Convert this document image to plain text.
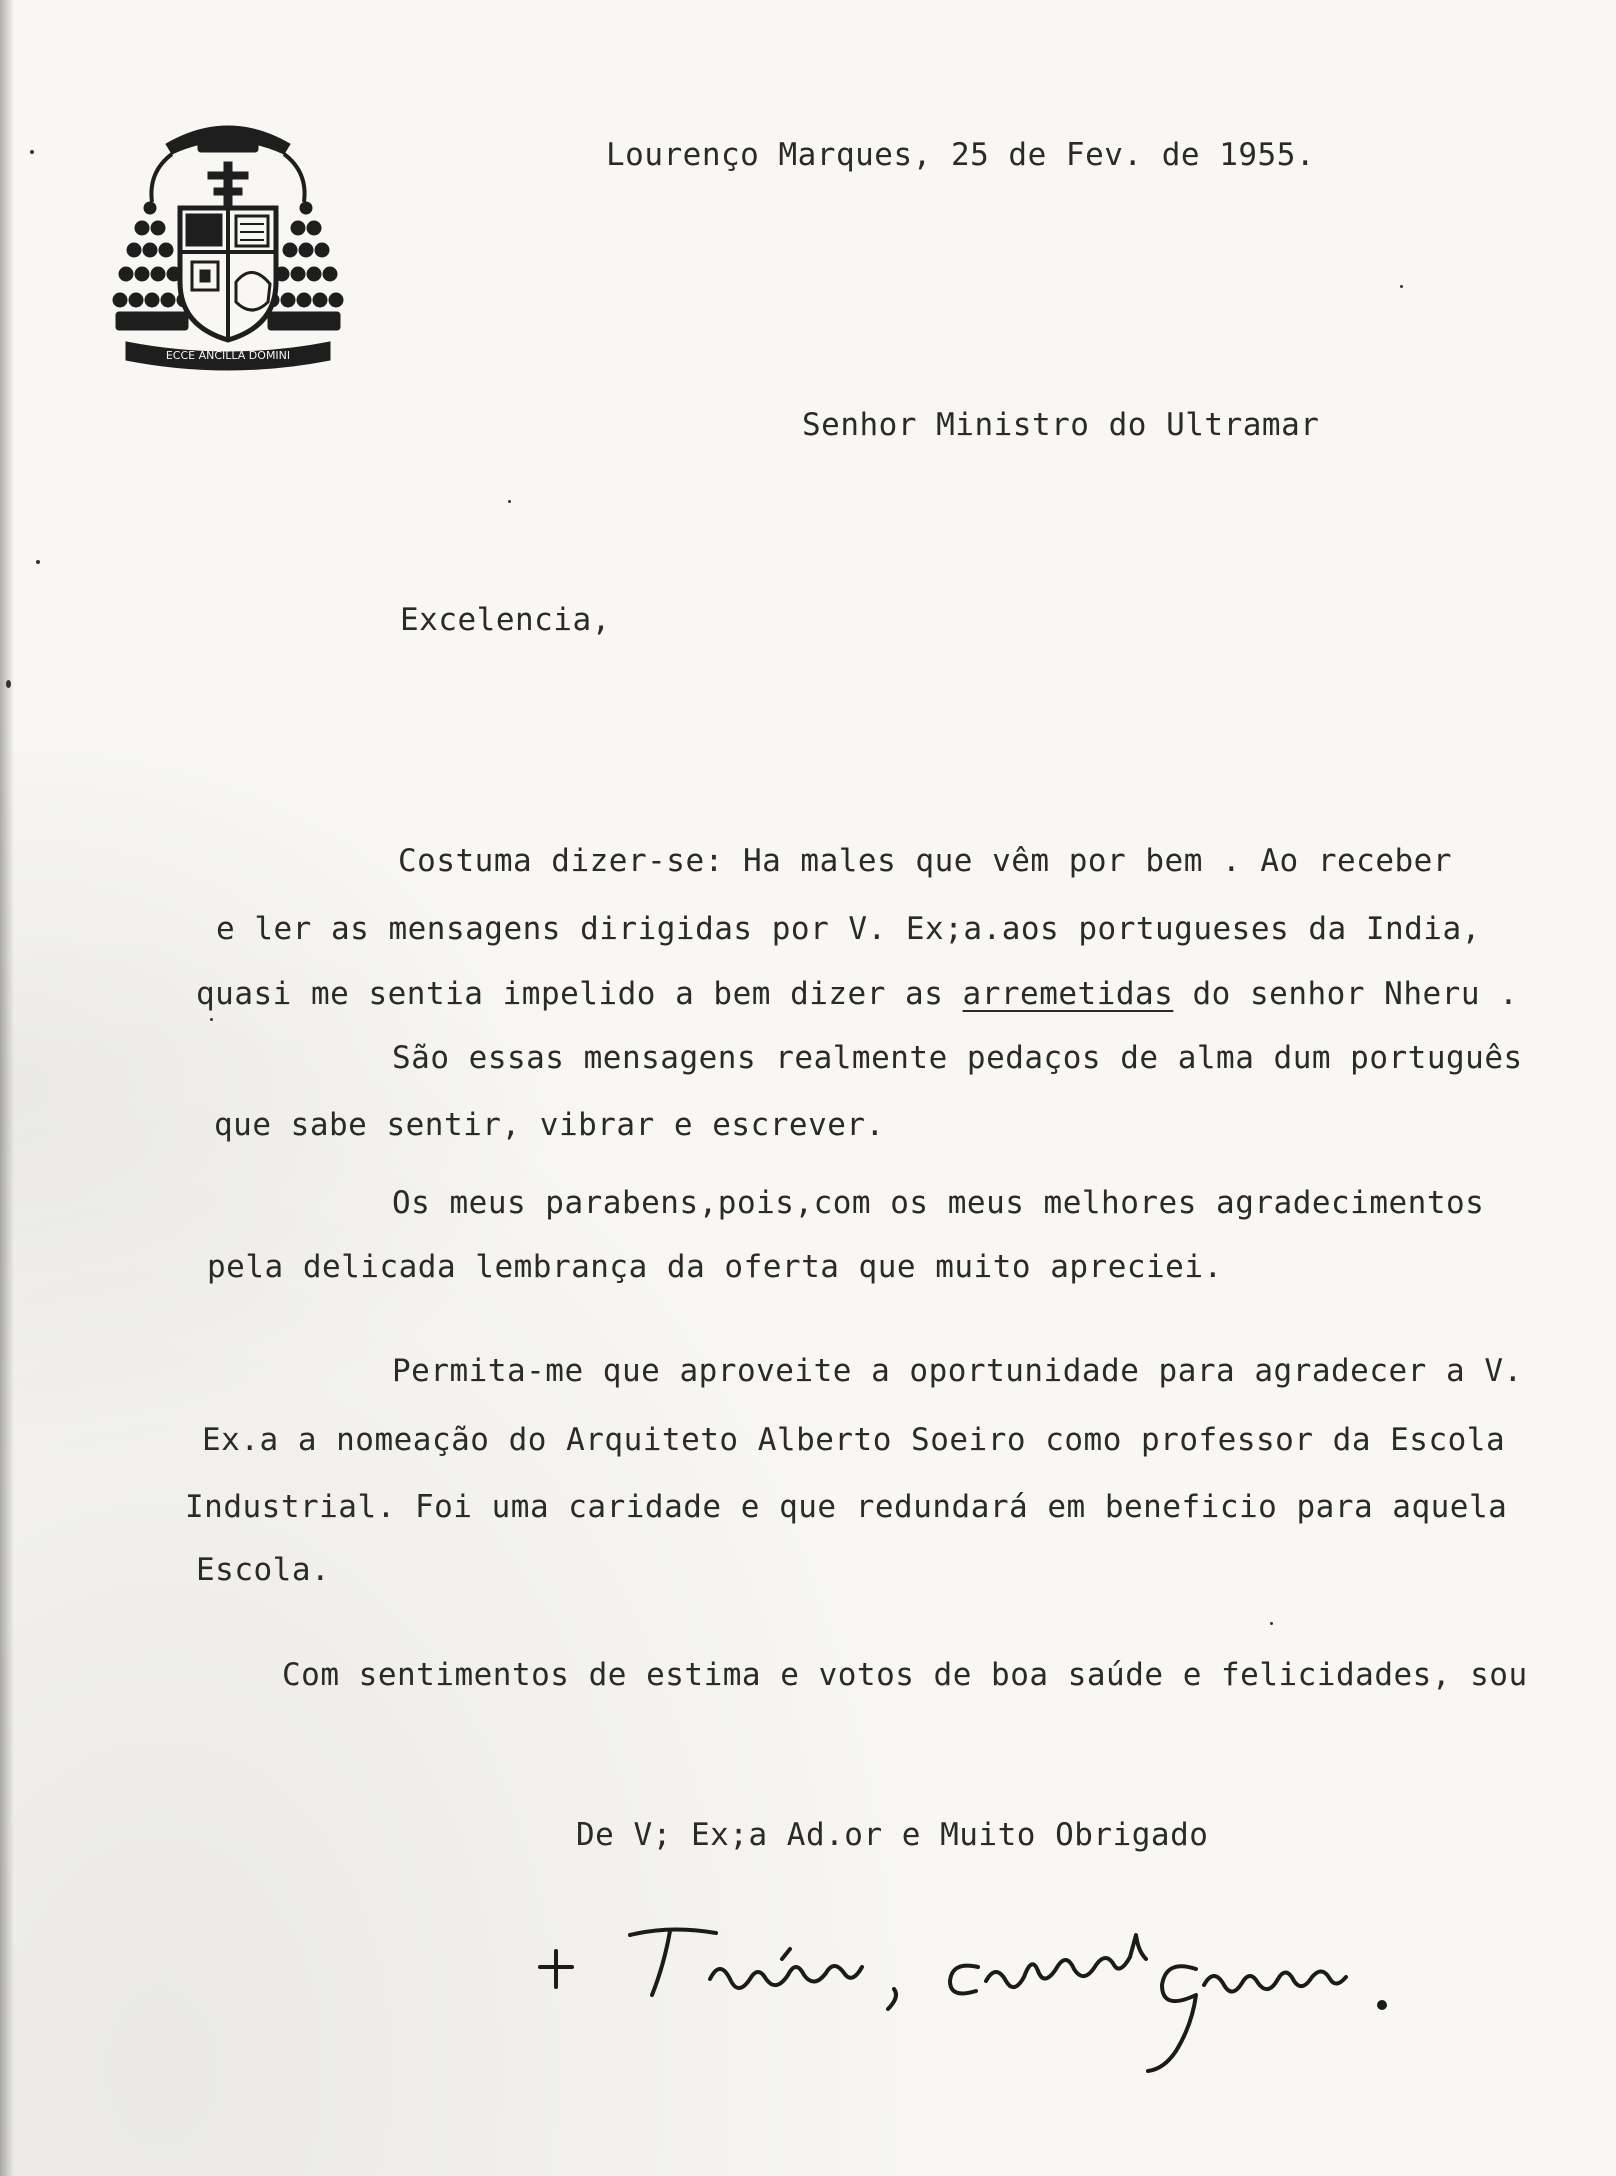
ECCE ANCILLA DOMINI
Lourenço Marques, 25 de Fev. de 1955.
Senhor Ministro do Ultramar
Excelencia,
Costuma dizer-se: Ha males que vêm por bem . Ao receber
e ler as mensagens dirigidas por V. Ex;a.aos portugueses da India,
quasi me sentia impelido a bem dizer as arremetidas do senhor Nheru .
São essas mensagens realmente pedaços de alma dum português
que sabe sentir, vibrar e escrever.
Os meus parabens,pois,com os meus melhores agradecimentos
pela delicada lembrança da oferta que muito apreciei.
Permita-me que aproveite a oportunidade para agradecer a V.
Ex.a a nomeação do Arquiteto Alberto Soeiro como professor da Escola
Industrial. Foi uma caridade e que redundará em beneficio para aquela
Escola.
Com sentimentos de estima e votos de boa saúde e felicidades, sou
De V; Ex;a Ad.or e Muito Obrigado
